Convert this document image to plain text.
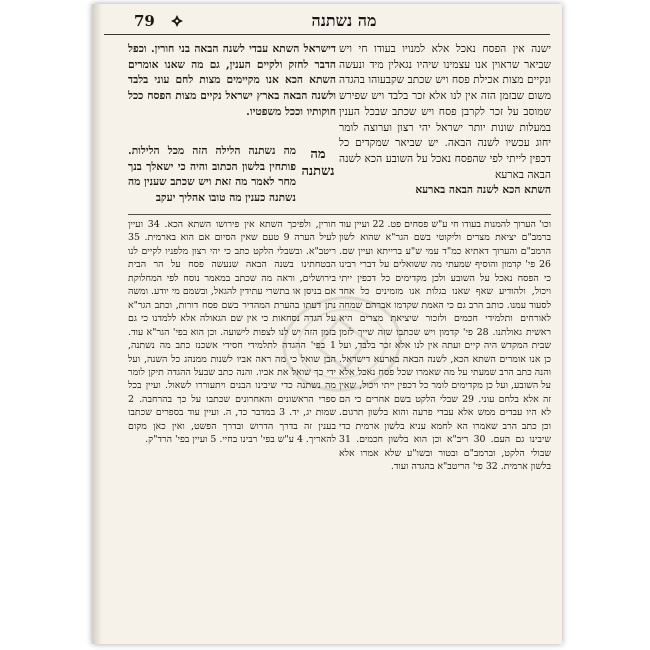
79	מה נשתנה

ישנה אין הפסח נאכל אלא למנויו בעודו חי ויש שביאר שראוין אנו עצמינו שיהיו נגאלין מיד ונעשה ונקיים מצות אכילת פסח ויש שכתב שקבעוהו בהגדה משום שבזמן הזה אין לנו אלא זכר בלבד ויש שפירש שמוסב על זכר לקרבן פסח ויש שכתב שבכל הענין במעלות שונות יותר ישראל יהי רצון וערוצה לומר יחוג עכשיו לשנה הבאה. יש שביאר שמקדים כל דכפין לייתי לפי שהפסח נאכל על השובע הכא לשנה הבאה בארעא

השתא הכא לשנה הבאה בארעא

דישראל השתא עבדי לשנה הבאה בני חורין. וכפל הדבר לחזק ולקיים הענין, גם מה שאנו אומרים השתא הכא אנו מקיימים מצות לחם עוני בלבד ולשנה הבאה בארץ ישראל נקיים מצות הפסח ככל חוקותיו וככל משפטיו.

מה נשתנה
מה נשתנה הלילה הזה מכל הלילות. פותחין בלשון הכתוב והיה כי ישאלך בנך מחר לאמר מה זאת ויש שכתב שענין מה נשתנה כענין מה טובו אהליך יעקב

וכו' הערוך להמנות בעודו חי ע"ש פסחים פט. 22 ועיין עוד ברמב"ם יציאת מצרים וליקוטי בשם הגר"א שהוא לשון הרמב"ם והערוך דאתיא כמ"ד עמי ש"ע ברייתא ועיין שם. 26 פי' קדמון והוסיף שמעתי מה ששואלים על דברי רבינו כי הפסח נאכל על השובע ולכן מקדימים כל דכפין ייתי ויכול, ולהודיע שאף שאנו בגלות אנו מזמינים כל אחד לסעוד עמנו. כותב הרב גם כי האמת שקדמו אברהם שמחה לאורחים ותלמידי חכמים ולזכור שיציאת מצרים היא ראשית גאולתנו. 28 פי' קדמון ויש שכתבו שזה שייך לזמן שבית המקדש היה קיים ועתה אין לנו אלא זכר בלבד, ועל כן אנו אומרים השתא הכא, לשנה הבאה בארעא דישראל. והנה כתב הרב שמעתי על מה שאמרו שכל פסח נאכל אלא על השובע, ועל כן מקדימים לומר כל דכפין ייתי ויכול, שאין זה אלא בלחם עוני. 29 שבלי הלקט בשם אחרים כי הם לא היו עבדים ממש אלא עבדי פרעה והוא בלשון תרגום. וכן כתב הרב שאמרו הא לחמא עניא בלשון ארמית כדי שיבינו גם העם. 30 ריב"א וכן הוא בלשון חכמים. 31 שבולי הלקט, וברמב"ם ובטור ובשו"ע שלא אמרו אלא בלשון ארמית. 32 פי' הריטב"א בהגדה ועוד.

חורין, ולפיכך השתא אין פירושו השתא הכא. 34 ועיין לעיל הערה 9 טעם שאין הסיום אם הוא בארמית. 35 ריטב"א. ובשבלי הלקט כתב כי יהי רצון מלפניו לקיים לנו הבטחתינו בשנה הבאה שנעשה פסח על הר הבית בירושלים, וראה מה שכתב במאמר נוסח לפי המחלוקת אם בניסן או בתשרי עתידין להגאל, ובשמם מי יודע. ומשה נתן דעתו בהערת המהדיר בשם פסח דורות, וכתב הגר"א על הגדה נסחאות כי אין שם הגאולה אלא ללמדנו כי גם בזמן הזה יש לנו לצפות לישועה. וכן הוא בפי' הגר"א עוד. 1 בפי' ההגדה לתלמידי חסידי אשכנז כתב מה נשתנה, הבן שואל כי מה ראה אביו לשנות ממנהג כל השנה, ועל ידי כך שואל את אביו. והנה כתב שבעל ההגדה תיקן לומר מה נשתנה כדי שיבינו הבנים ויתעוררו לשאול. ועיין בכל ספרי הראשונים והאחרונים שכתבו על כך בהרחבה. 2 שמות יג, יד. 3 במדבר כד, ה. ועיין עוד בספרים שכתבו בענין זה בדרך הדרוש ובדרך הפשט, ואין כאן מקום להאריך. 4 ע"ש בפי' רבינו בחיי. 5 ועיין בפי' הרד"ק.
